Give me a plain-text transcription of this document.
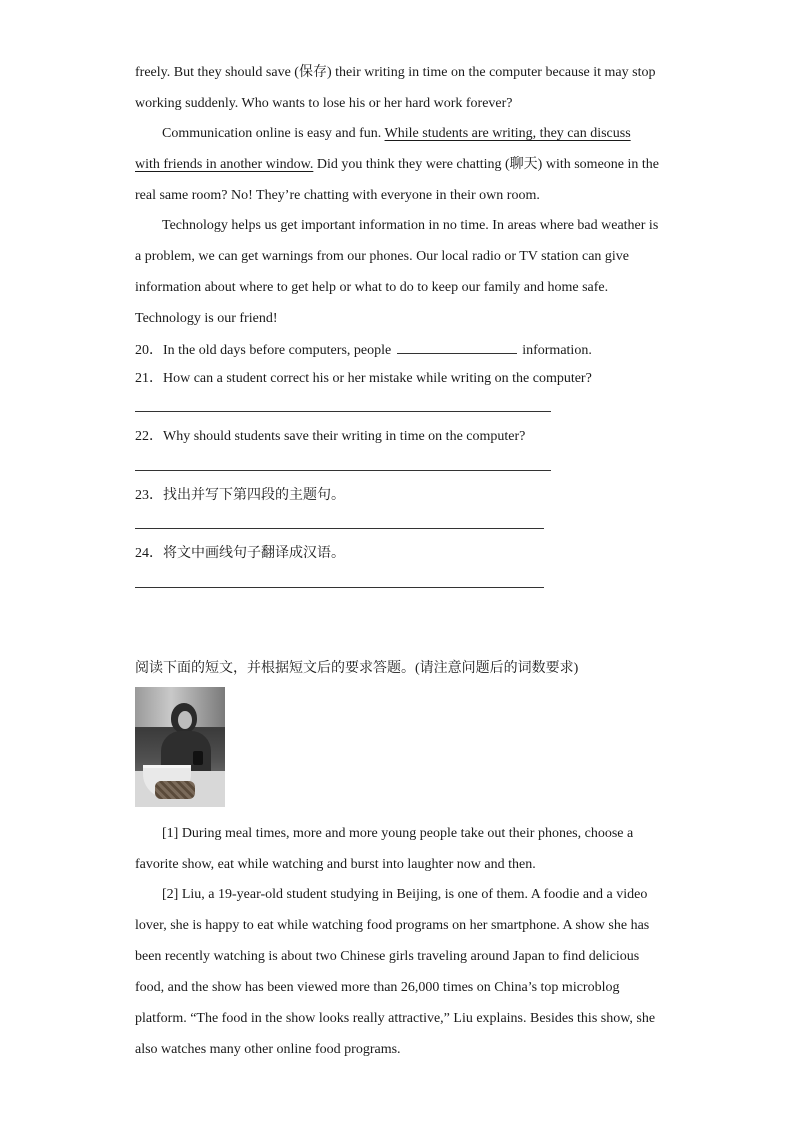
freely. But they should save (保存) their writing in time on the computer because it may stop
working suddenly. Who wants to lose his or her hard work forever?
Communication online is easy and fun. While students are writing, they can discuss
with friends in another window. Did you think they were chatting (聊天) with someone in the
real same room? No! They’re chatting with everyone in their own room.
Technology helps us get important information in no time. In areas where bad weather is
a problem, we can get warnings from our phones. Our local radio or TV station can give
information about where to get help or what to do to keep our family and home safe.
Technology is our friend!
20．In the old days before computers, people	information.
21．How can a student correct his or her mistake while writing on the computer?
22．Why should students save their writing in time on the computer?
23．找出并写下第四段的主题句。
24．将文中画线句子翻译成汉语。
阅读下面的短文，并根据短文后的要求答题。(请注意问题后的词数要求)
[1] During meal times, more and more young people take out their phones, choose a
favorite show, eat while watching and burst into laughter now and then.
[2] Liu, a 19-year-old student studying in Beijing, is one of them. A foodie and a video
lover, she is happy to eat while watching food programs on her smartphone. A show she has
been recently watching is about two Chinese girls traveling around Japan to find delicious
food, and the show has been viewed more than 26,000 times on China’s top microblog
platform. “The food in the show looks really attractive,” Liu explains. Besides this show, she
also watches many other online food programs.
